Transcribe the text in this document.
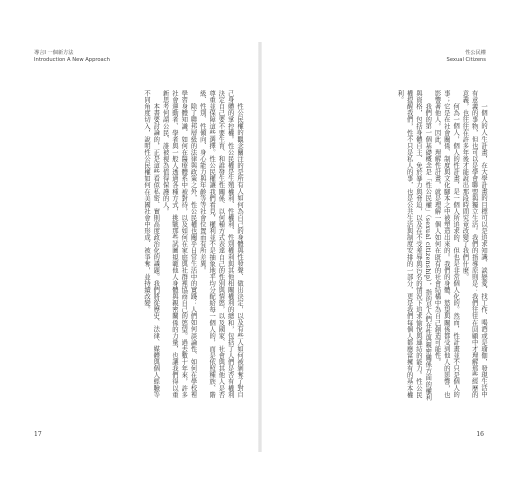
導言I 一個新方法
Introduction A New Approach

性公民權的觀念關注的是所有人如何為自己的身體與性發聲、做出決定，以及有些人如何被剝奪了對自己身體的掌控權。性公民權是生殖權利、性權利、性別權利與其他相關權利的總和，包括了人們是否有權利決定自己要不要生育、和誰發生性關係、以何種方式表達自己的性別與情慾，以及國家、社會與其他人是否尊重並保障這些選擇。性公民權讓我們看見，權利並不是抽象地平均分配給每一個人的，而是依照種族、階級、性別、性傾向、身心能力與年齡等等社會位置而有所差異。

除了聯邦層級的法律與政策之外，性公民權也關乎日常生活中的實踐：人們如何談論性、如何在學校裡學習身體知識、如何在醫療體系中被對待，以及如何在家庭與社群裡協商自己的慾望。過去數十年來，許多社會運動者、學者與一般人透過各種方式，挑戰那些試圖規範他人身體與親密關係的力量，也讓我們得以重新思考何謂公民、誰被視為值得保護的人。

本書要討論的，正是這些看似私密、實則高度政治化的議題。我們將從歷史、法律、媒體與個人經驗等不同角度切入，說明性公民權如何在美國社會中形成、被爭奪，並持續改變。

17
性公民權
Sexual Citizens

一個人的人生計畫，在大學計畫的目標可以是追求知識、談戀愛、找工作、喝酒或是瑜伽，發現生活中有意義的事物，但也可以是學會聯盟與獨立生活。我們的指導原則是：我們往往在回顧中才理解那些經歷的意義，也往往在許多年後才能說出那段時間究竟改變了我們什麼。

何為一個人，個人的性計畫，是一個人所追求的、但也是非常個人化的。然而，性計畫並不只是個人的事；它是在社會關係、制度與文化腳本之中被塑造出來的。我們的身體、慾望與關係都受到他人的影響，也影響著他人。因此，理解性計畫，就是理解一個人如何在既有的社會結構中為自己創造可能性。

我們的第一個基礎概念是「性公民權」（sexual citizenship），指的是人們在性與親密關係方面的權利與資格，包括身體自主、免於暴力與脅迫，以及在不受羞辱與污名的情況下追求愉悅與連結的能力。性公民權提醒我們，性不只是私人的事，也是公共生活與制度安排的一部分，更是我們每個人都應當擁有的基本權利。

16
